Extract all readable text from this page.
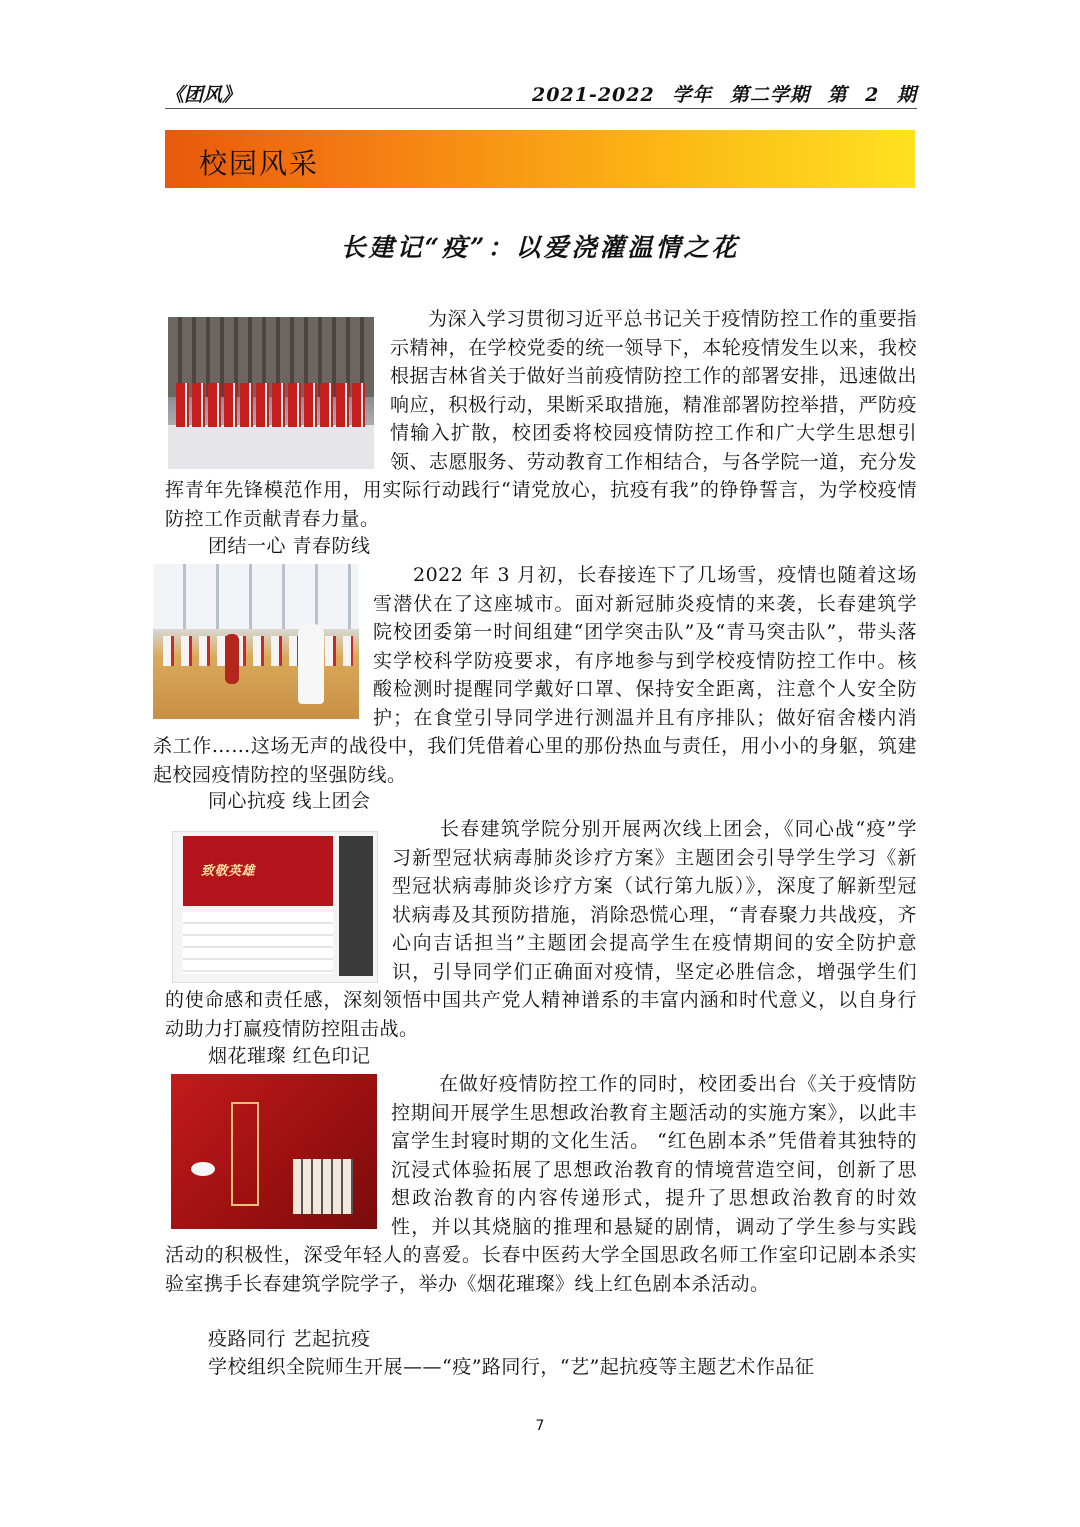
《团风》	2021-2022 学年 第二学期 第 2 期
校园风采
长建记“疫”：以爱浇灌温情之花

为深入学习贯彻习近平总书记关于疫情防控工作的重要指示精神，在学校党委的统一领导下，本轮疫情发生以来，我校根据吉林省关于做好当前疫情防控工作的部署安排，迅速做出响应，积极行动，果断采取措施，精准部署防控举措，严防疫情输入扩散，校团委将校园疫情防控工作和广大学生思想引领、志愿服务、劳动教育工作相结合，与各学院一道，充分发挥青年先锋模范作用，用实际行动践行“请党放心，抗疫有我”的铮铮誓言，为学校疫情防控工作贡献青春力量。

团结一心 青春防线

2022 年 3 月初，长春接连下了几场雪，疫情也随着这场雪潜伏在了这座城市。面对新冠肺炎疫情的来袭，长春建筑学院校团委第一时间组建“团学突击队”及“青马突击队”，带头落实学校科学防疫要求，有序地参与到学校疫情防控工作中。核酸检测时提醒同学戴好口罩、保持安全距离，注意个人安全防护；在食堂引导同学进行测温并且有序排队；做好宿舍楼内消杀工作……这场无声的战役中，我们凭借着心里的那份热血与责任，用小小的身躯，筑建起校园疫情防控的坚强防线。

同心抗疫 线上团会

致敬英雄
长春建筑学院分别开展两次线上团会，《同心战“疫”学习新型冠状病毒肺炎诊疗方案》主题团会引导学生学习《新型冠状病毒肺炎诊疗方案（试行第九版）》，深度了解新型冠状病毒及其预防措施，消除恐慌心理，“青春聚力共战疫，齐心向吉话担当”主题团会提高学生在疫情期间的安全防护意识，引导同学们正确面对疫情，坚定必胜信念，增强学生们的使命感和责任感，深刻领悟中国共产党人精神谱系的丰富内涵和时代意义，以自身行动助力打赢疫情防控阻击战。

烟花璀璨 红色印记

在做好疫情防控工作的同时，校团委出台《关于疫情防控期间开展学生思想政治教育主题活动的实施方案》，以此丰富学生封寝时期的文化生活。 “红色剧本杀”凭借着其独特的沉浸式体验拓展了思想政治教育的情境营造空间，创新了思想政治教育的内容传递形式，提升了思想政治教育的时效性，并以其烧脑的推理和悬疑的剧情，调动了学生参与实践活动的积极性，深受年轻人的喜爱。长春中医药大学全国思政名师工作室印记剧本杀实验室携手长春建筑学院学子，举办《烟花璀璨》线上红色剧本杀活动。

疫路同行 艺起抗疫

学校组织全院师生开展——“疫”路同行，“艺”起抗疫等主题艺术作品征

7
